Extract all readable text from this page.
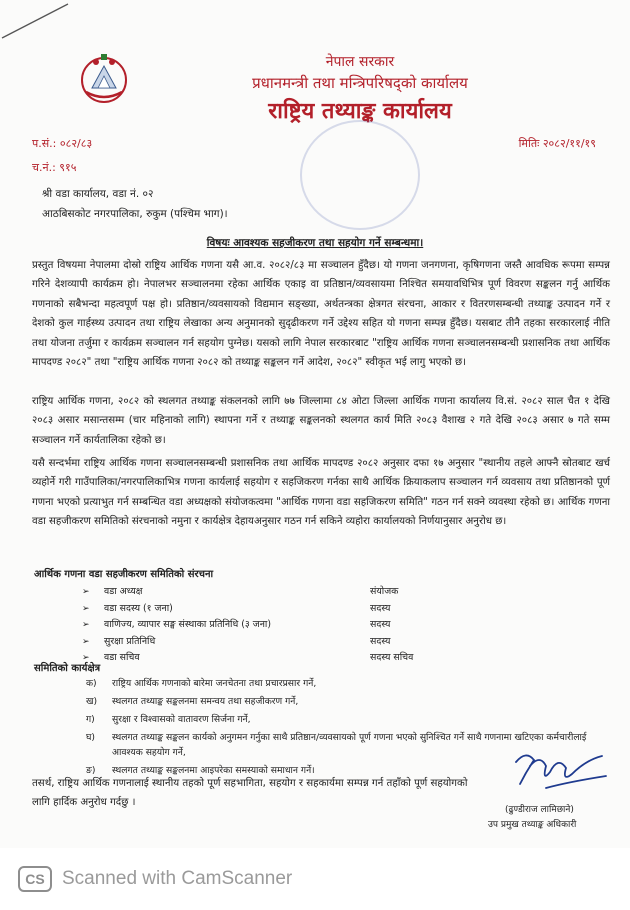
नेपाल सरकार
प्रधानमन्त्री तथा मन्त्रिपरिषद्को कार्यालय
राष्ट्रिय तथ्याङ्क कार्यालय
प.सं.: ०८२/८३
च.नं.: ९१५
मितिः २०८२/११/१९
श्री वडा कार्यालय, वडा नं. ०२
आठबिसकोट नगरपालिका, रुकुम (पश्चिम भाग)।
विषयः आवश्यक सहजीकरण तथा सहयोग गर्ने सम्बन्धमा।
प्रस्तुत विषयमा नेपालमा दोस्रो राष्ट्रिय आर्थिक गणना यसै आ.व. २०८२/८३ मा सञ्चालन हुँदैछ। यो गणना जनगणना, कृषिगणना जस्तै आवधिक रूपमा सम्पन्न गरिने देशव्यापी कार्यक्रम हो। नेपालभर सञ्चालनमा रहेका आर्थिक एकाइ वा प्रतिष्ठान/व्यवसायमा निश्चित समयावधिभित्र पूर्ण विवरण सङ्कलन गर्नु आर्थिक गणनाको सबैभन्दा महत्वपूर्ण पक्ष हो। प्रतिष्ठान/व्यवसायको विद्यमान सङ्ख्या, अर्थतन्त्रका क्षेत्रगत संरचना, आकार र वितरणसम्बन्धी तथ्याङ्क उत्पादन गर्ने र देशको कुल गार्हस्थ्य उत्पादन तथा राष्ट्रिय लेखाका अन्य अनुमानको सुदृढीकरण गर्ने उद्देश्य सहित यो गणना सम्पन्न हुँदैछ। यसबाट तीनै तहका सरकारलाई नीति तथा योजना तर्जुमा र कार्यक्रम सञ्चालन गर्न सहयोग पुग्नेछ। यसको लागि नेपाल सरकारबाट "राष्ट्रिय आर्थिक गणना सञ्चालनसम्बन्धी प्रशासनिक तथा आर्थिक मापदण्ड २०८२" तथा "राष्ट्रिय आर्थिक गणना २०८२ को तथ्याङ्क सङ्कलन गर्ने आदेश, २०८२" स्वीकृत भई लागु भएको छ।
राष्ट्रिय आर्थिक गणना, २०८२ को स्थलगत तथ्याङ्क संकलनको लागि ७७ जिल्लामा ८४ ओटा जिल्ला आर्थिक गणना कार्यालय वि.सं. २०८२ साल चैत १ देखि २०८३ असार मसान्तसम्म (चार महिनाको लागि) स्थापना गर्ने र तथ्याङ्क सङ्कलनको स्थलगत कार्य मिति २०८३ वैशाख २ गते देखि २०८३ असार ७ गते सम्म सञ्चालन गर्ने कार्यतालिका रहेको छ।
यसै सन्दर्भमा राष्ट्रिय आर्थिक गणना सञ्चालनसम्बन्धी प्रशासनिक तथा आर्थिक मापदण्ड २०८२ अनुसार दफा १७ अनुसार "स्थानीय तहले आफ्नै स्रोतबाट खर्च व्यहोर्ने गरी गाउँपालिका/नगरपालिकाभित्र गणना कार्यलाई सहयोग र सहजिकरण गर्नका साथै आर्थिक क्रियाकलाप सञ्चालन गर्न व्यवसाय तथा प्रतिष्ठानको पूर्ण गणना भएको प्रत्याभुत गर्न सम्बन्धित वडा अध्यक्षको संयोजकत्वमा "आर्थिक गणना वडा सहजिकरण समिति" गठन गर्न सक्ने व्यवस्था रहेको छ। आर्थिक गणना वडा सहजीकरण समितिको संरचनाको नमुना र कार्यक्षेत्र देहायअनुसार गठन गर्न सकिने व्यहोरा कार्यालयको निर्णयानुसार अनुरोध छ।
आर्थिक गणना वडा सहजीकरण समितिको संरचना
➢	वडा अध्यक्ष	संयोजक
➢	वडा सदस्य (१ जना)	सदस्य
➢	वाणिज्य, व्यापार सङ्घ संस्थाका प्रतिनिधि (३ जना)	सदस्य
➢	सुरक्षा प्रतिनिधि	सदस्य
➢	वडा सचिव	सदस्य सचिव
समितिको कार्यक्षेत्र
क)	राष्ट्रिय आर्थिक गणनाको बारेमा जनचेतना तथा प्रचारप्रसार गर्ने,
ख)	स्थलगत तथ्याङ्क सङ्कलनमा समन्वय तथा सहजीकरण गर्ने,
ग)	सुरक्षा र विश्वासको वातावरण सिर्जना गर्ने,
घ)	स्थलगत तथ्याङ्क सङ्कलन कार्यको अनुगमन गर्नुका साथै प्रतिष्ठान/व्यवसायको पूर्ण गणना भएको सुनिश्चित गर्ने साथै गणनामा खटिएका कर्मचारीलाई आवश्यक सहयोग गर्ने,
ङ)	स्थलगत तथ्याङ्क सङ्कलनमा आइपरेका समस्याको समाधान गर्ने।
तसर्थ, राष्ट्रिय आर्थिक गणनालाई स्थानीय तहको पूर्ण सहभागिता, सहयोग र सहकार्यमा सम्पन्न गर्न तहाँको पूर्ण सहयोगको लागि हार्दिक अनुरोध गर्दछु ।
(ढुण्डीराज लामिछाने)
उप प्रमुख तथ्याङ्क अधिकारी
CS Scanned with CamScanner
